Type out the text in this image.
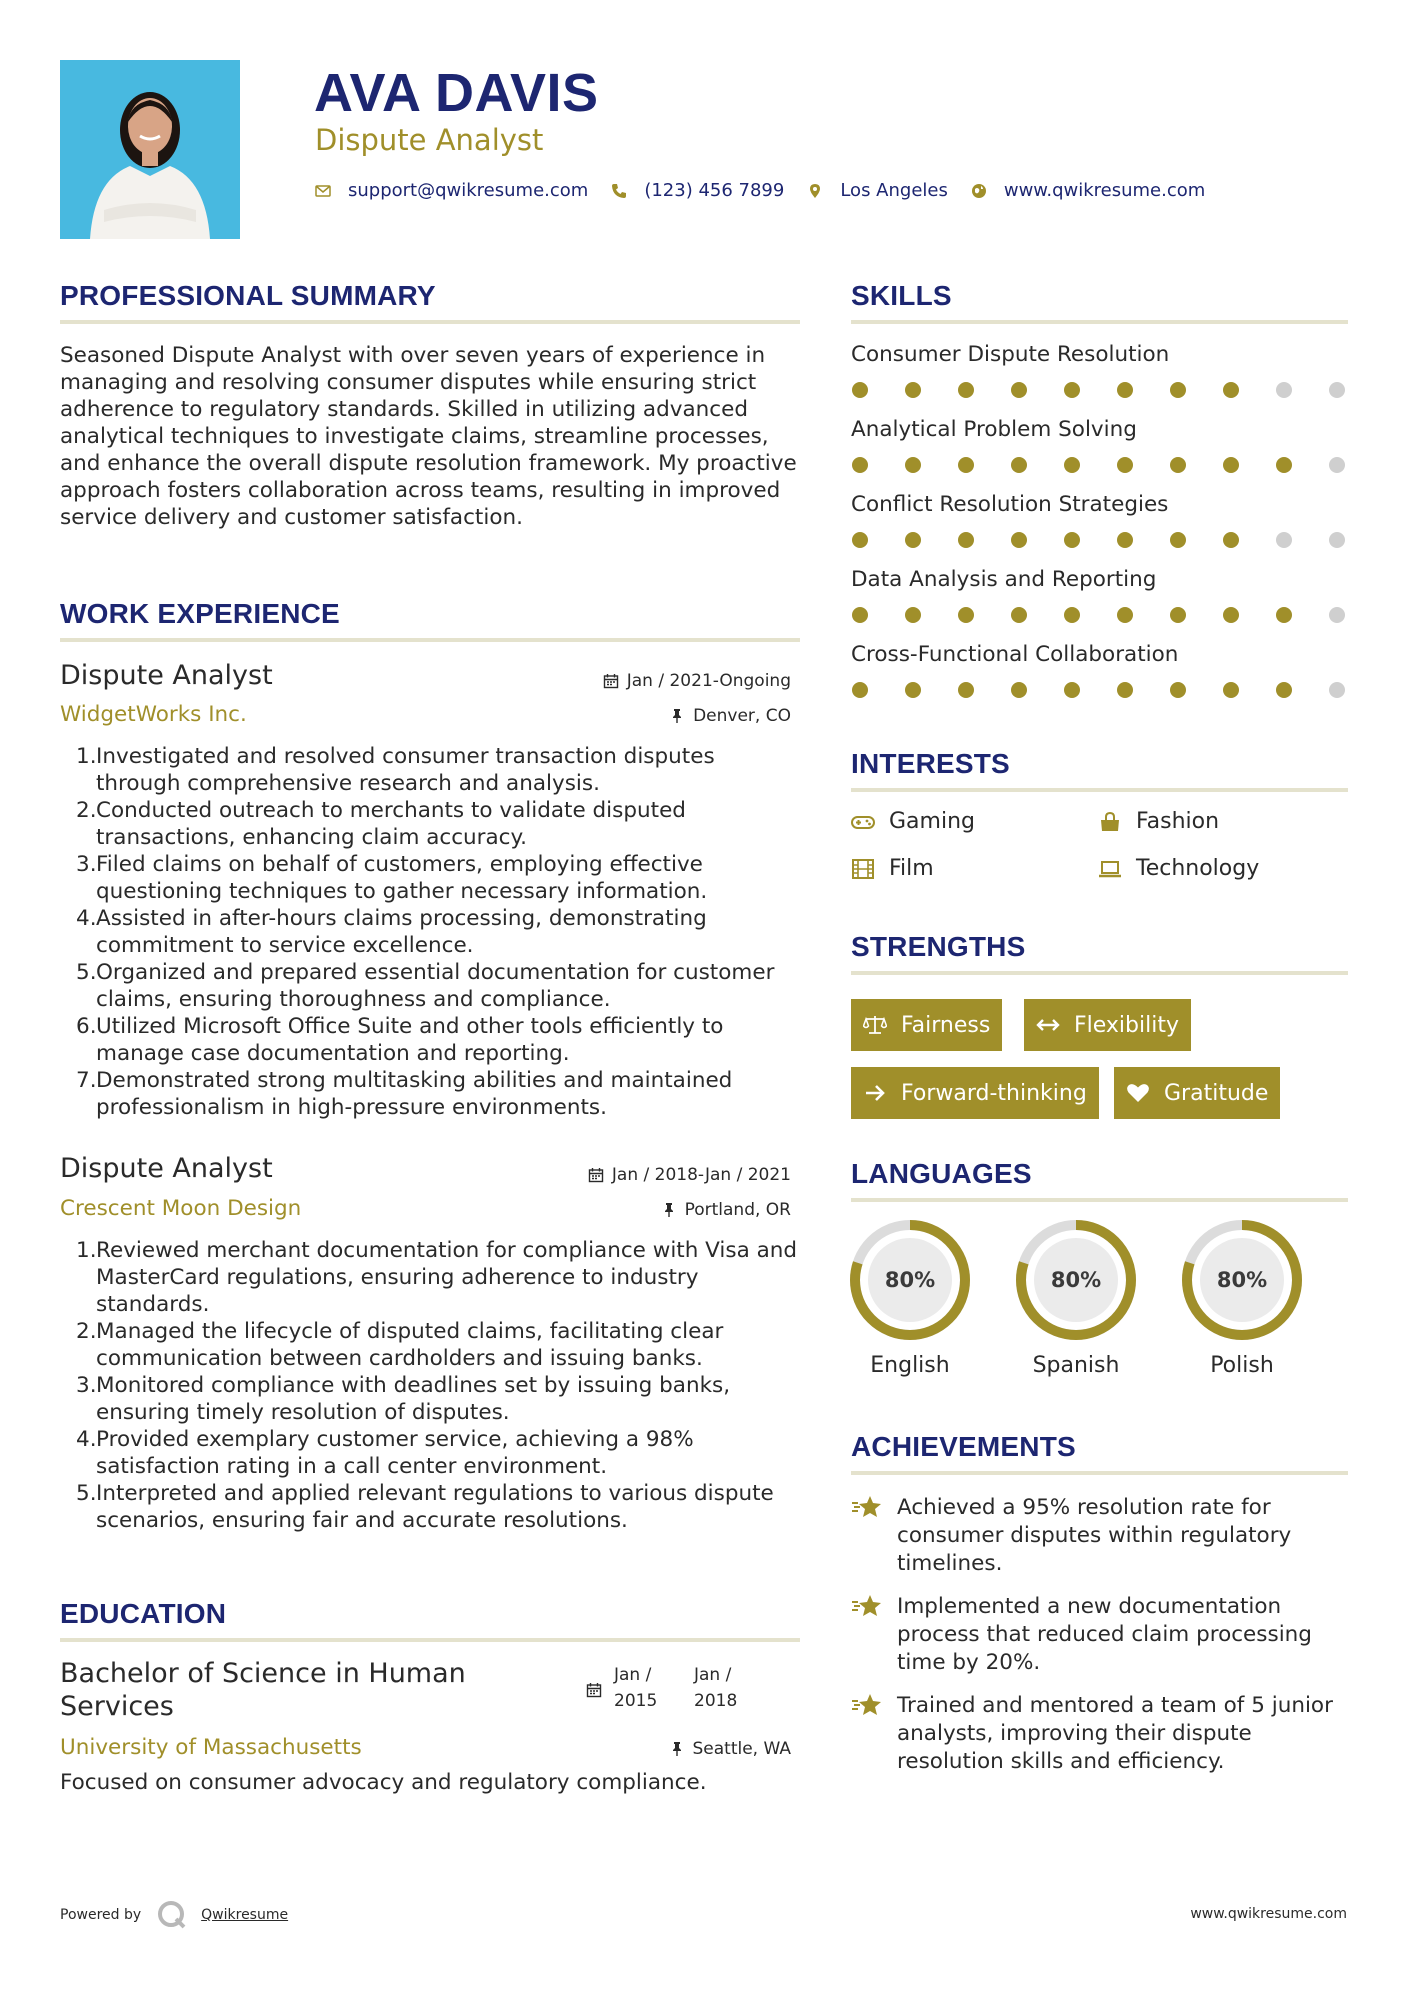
AVA DAVIS
Dispute Analyst
support@qwikresume.com	(123) 456 7899	Los Angeles	www.qwikresume.com
PROFESSIONAL SUMMARY
Seasoned Dispute Analyst with over seven years of experience in managing and resolving consumer disputes while ensuring strict adherence to regulatory standards. Skilled in utilizing advanced analytical techniques to investigate claims, streamline processes, and enhance the overall dispute resolution framework. My proactive approach fosters collaboration across teams, resulting in improved service delivery and customer satisfaction.
WORK EXPERIENCE
Dispute Analyst
WidgetWorks Inc.
Jan / 2021-Ongoing
Denver, CO
Investigated and resolved consumer transaction disputes through comprehensive research and analysis.
Conducted outreach to merchants to validate disputed transactions, enhancing claim accuracy.
Filed claims on behalf of customers, employing effective questioning techniques to gather necessary information.
Assisted in after-hours claims processing, demonstrating commitment to service excellence.
Organized and prepared essential documentation for customer claims, ensuring thoroughness and compliance.
Utilized Microsoft Office Suite and other tools efficiently to manage case documentation and reporting.
Demonstrated strong multitasking abilities and maintained professionalism in high-pressure environments.
Dispute Analyst
Crescent Moon Design
Jan / 2018-Jan / 2021
Portland, OR
Reviewed merchant documentation for compliance with Visa and MasterCard regulations, ensuring adherence to industry standards.
Managed the lifecycle of disputed claims, facilitating clear communication between cardholders and issuing banks.
Monitored compliance with deadlines set by issuing banks, ensuring timely resolution of disputes.
Provided exemplary customer service, achieving a 98% satisfaction rating in a call center environment.
Interpreted and applied relevant regulations to various dispute scenarios, ensuring fair and accurate resolutions.
EDUCATION
Bachelor of Science in Human Services
Jan /
2015
Jan /
2018
University of Massachusetts	Seattle, WA
Focused on consumer advocacy and regulatory compliance.
SKILLS
Consumer Dispute Resolution
Analytical Problem Solving
Conflict Resolution Strategies
Data Analysis and Reporting
Cross-Functional Collaboration
INTERESTS
Gaming	Fashion
Film	Technology
STRENGTHS
Fairness	Flexibility
Forward-thinking	Gratitude
LANGUAGES
80%
English
80%
Spanish
80%
Polish
ACHIEVEMENTS
Achieved a 95% resolution rate for consumer disputes within regulatory timelines.
Implemented a new documentation process that reduced claim processing time by 20%.
Trained and mentored a team of 5 junior analysts, improving their dispute resolution skills and efficiency.
Powered by	Qwikresume	www.qwikresume.com
